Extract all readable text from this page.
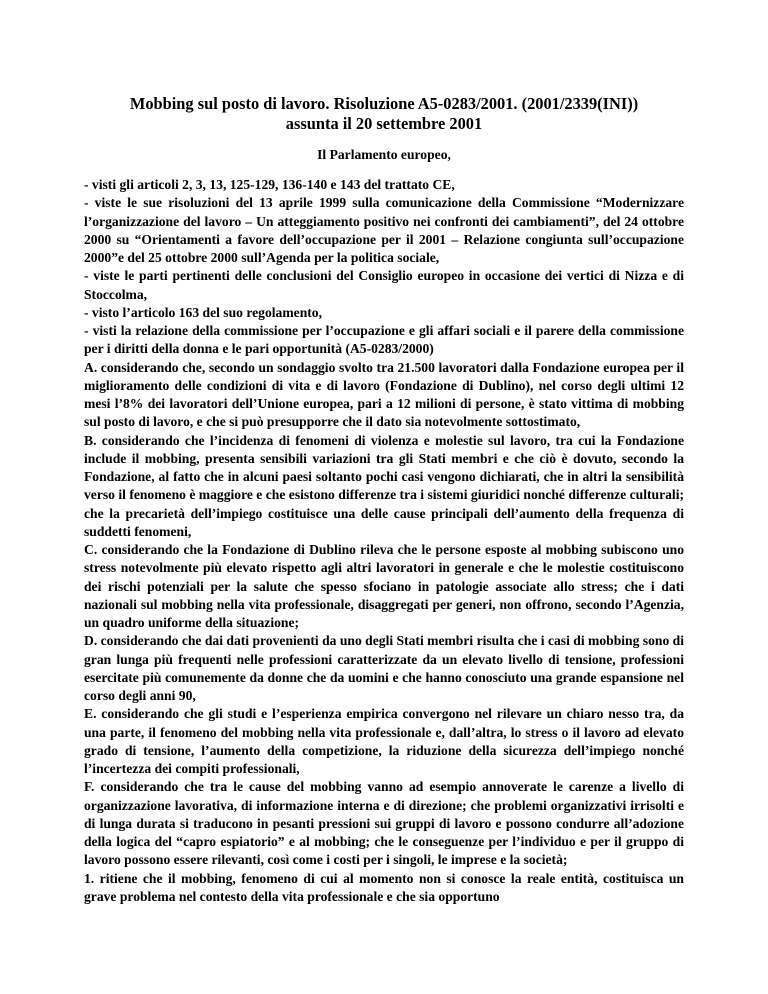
Mobbing sul posto di lavoro. Risoluzione A5-0283/2001. (2001/2339(INI))
assunta il 20 settembre 2001
Il Parlamento europeo,

- visti gli articoli 2, 3, 13, 125-129, 136-140 e 143 del trattato CE,

- viste le sue risoluzioni del 13 aprile 1999 sulla comunicazione della Commissione “Modernizzare l’organizzazione del lavoro – Un atteggiamento positivo nei confronti dei cambiamenti”, del 24 ottobre 2000 su “Orientamenti a favore dell’occupazione per il 2001 – Relazione congiunta sull’occupazione 2000”e del 25 ottobre 2000 sull’Agenda per la politica sociale,

- viste le parti pertinenti delle conclusioni del Consiglio europeo in occasione dei vertici di Nizza e di Stoccolma,

- visto l’articolo 163 del suo regolamento,

- visti la relazione della commissione per l’occupazione e gli affari sociali e il parere della commissione per i diritti della donna e le pari opportunità (A5-0283/2000)

A. considerando che, secondo un sondaggio svolto tra 21.500 lavoratori dalla Fondazione europea per il miglioramento delle condizioni di vita e di lavoro (Fondazione di Dublino), nel corso degli ultimi 12 mesi l’8% dei lavoratori dell’Unione europea, pari a 12 milioni di persone, è stato vittima di mobbing sul posto di lavoro, e che si può presupporre che il dato sia notevolmente sottostimato,

B. considerando che l’incidenza di fenomeni di violenza e molestie sul lavoro, tra cui la Fondazione include il mobbing, presenta sensibili variazioni tra gli Stati membri e che ciò è dovuto, secondo la Fondazione, al fatto che in alcuni paesi soltanto pochi casi vengono dichiarati, che in altri la sensibilità verso il fenomeno è maggiore e che esistono differenze tra i sistemi giuridici nonché differenze culturali; che la precarietà dell’impiego costituisce una delle cause principali dell’aumento della frequenza di suddetti fenomeni,

C. considerando che la Fondazione di Dublino rileva che le persone esposte al mobbing subiscono uno stress notevolmente più elevato rispetto agli altri lavoratori in generale e che le molestie costituiscono dei rischi potenziali per la salute che spesso sfociano in patologie associate allo stress; che i dati nazionali sul mobbing nella vita professionale, disaggregati per generi, non offrono, secondo l’Agenzia, un quadro uniforme della situazione;

D. considerando che dai dati provenienti da uno degli Stati membri risulta che i casi di mobbing sono di gran lunga più frequenti nelle professioni caratterizzate da un elevato livello di tensione, professioni esercitate più comunemente da donne che da uomini e che hanno conosciuto una grande espansione nel corso degli anni 90,

E. considerando che gli studi e l’esperienza empirica convergono nel rilevare un chiaro nesso tra, da una parte, il fenomeno del mobbing nella vita professionale e, dall’altra, lo stress o il lavoro ad elevato grado di tensione, l’aumento della competizione, la riduzione della sicurezza dell’impiego nonché l’incertezza dei compiti professionali,

F. considerando che tra le cause del mobbing vanno ad esempio annoverate le carenze a livello di organizzazione lavorativa, di informazione interna e di direzione; che problemi organizzativi irrisolti e di lunga durata si traducono in pesanti pressioni sui gruppi di lavoro e possono condurre all’adozione della logica del “capro espiatorio” e al mobbing; che le conseguenze per l’individuo e per il gruppo di lavoro possono essere rilevanti, così come i costi per i singoli, le imprese e la società;

1. ritiene che il mobbing, fenomeno di cui al momento non si conosce la reale entità, costituisca un grave problema nel contesto della vita professionale e che sia opportuno
